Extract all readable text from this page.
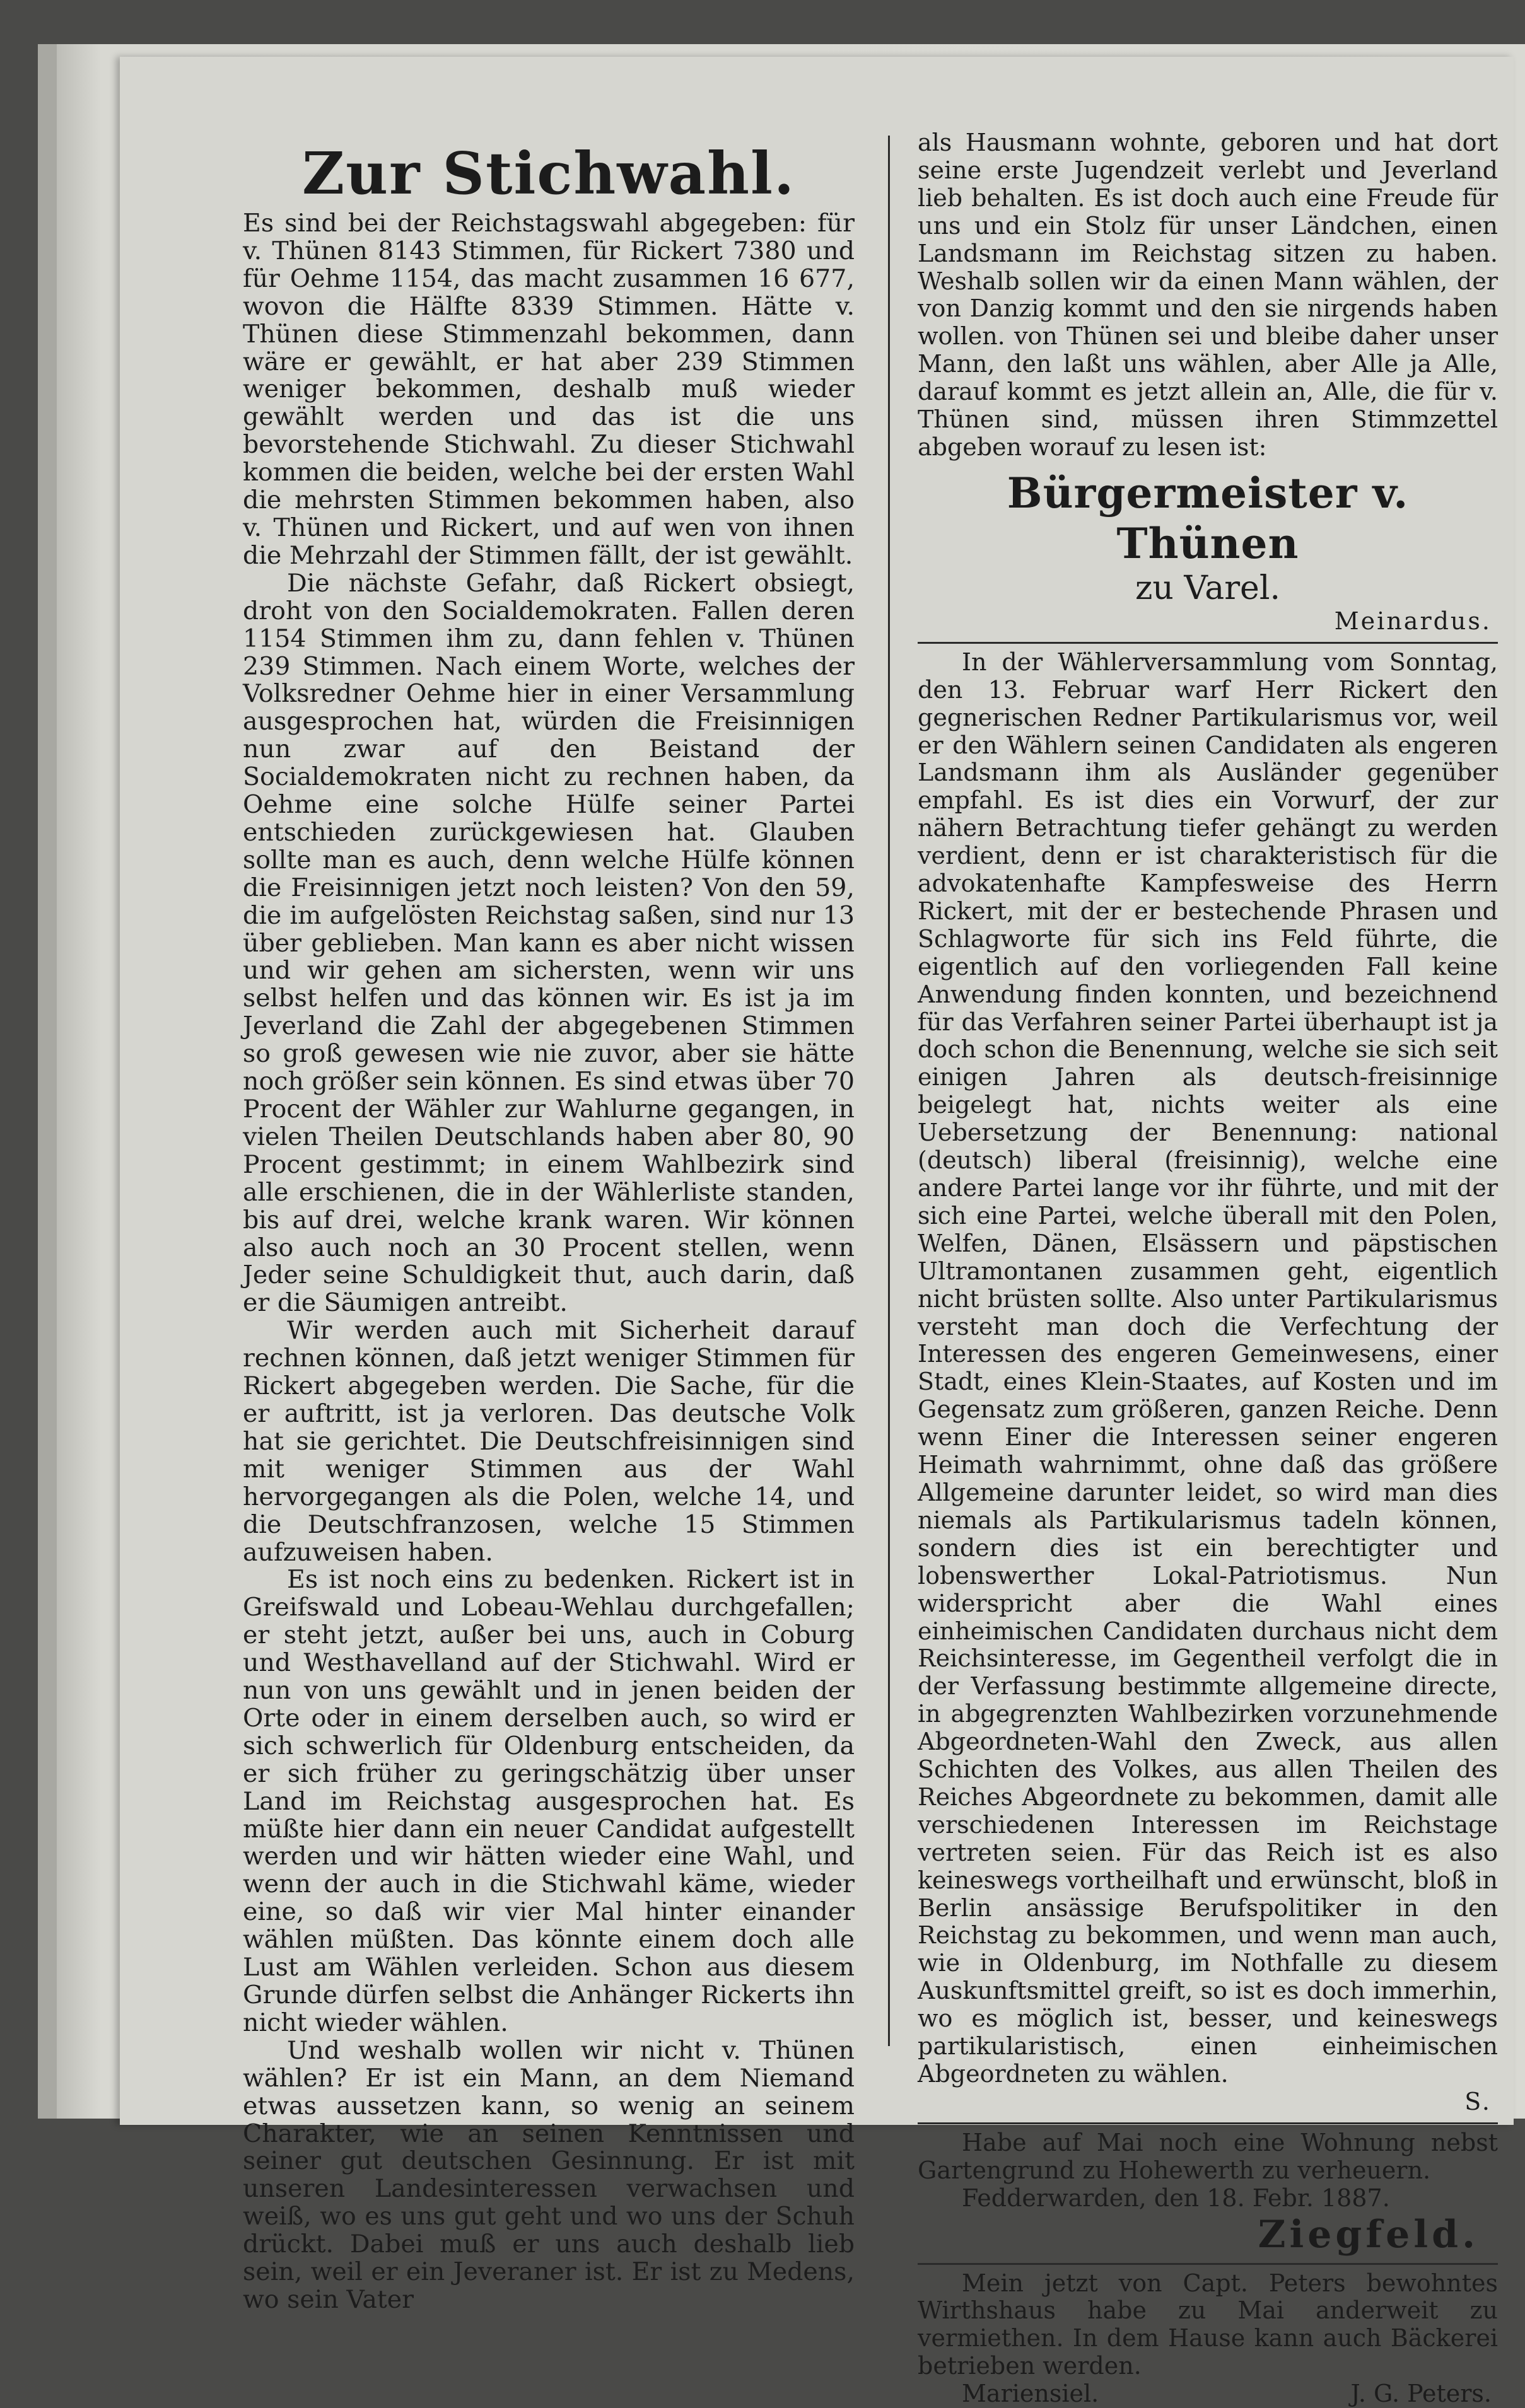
Zur Stichwahl.

Es sind bei der Reichstagswahl abgegeben: für v. Thünen 8143 Stimmen, für Rickert 7380 und für Oehme 1154, das macht zusammen 16 677, wovon die Hälfte 8339 Stimmen. Hätte v. Thünen diese Stimmenzahl bekommen, dann wäre er gewählt, er hat aber 239 Stimmen weniger bekommen, deshalb muß wieder gewählt werden und das ist die uns bevorstehende Stichwahl. Zu dieser Stichwahl kommen die beiden, welche bei der ersten Wahl die mehrsten Stimmen bekommen haben, also v. Thünen und Rickert, und auf wen von ihnen die Mehrzahl der Stimmen fällt, der ist gewählt.

Die nächste Gefahr, daß Rickert obsiegt, droht von den Socialdemokraten. Fallen deren 1154 Stimmen ihm zu, dann fehlen v. Thünen 239 Stimmen. Nach einem Worte, welches der Volksredner Oehme hier in einer Versammlung ausgesprochen hat, würden die Freisinnigen nun zwar auf den Beistand der Socialdemokraten nicht zu rechnen haben, da Oehme eine solche Hülfe seiner Partei entschieden zurückgewiesen hat. Glauben sollte man es auch, denn welche Hülfe können die Freisinnigen jetzt noch leisten? Von den 59, die im aufgelösten Reichstag saßen, sind nur 13 über geblieben. Man kann es aber nicht wissen und wir gehen am sichersten, wenn wir uns selbst helfen und das können wir. Es ist ja im Jeverland die Zahl der abgegebenen Stimmen so groß gewesen wie nie zuvor, aber sie hätte noch größer sein können. Es sind etwas über 70 Procent der Wähler zur Wahlurne gegangen, in vielen Theilen Deutschlands haben aber 80, 90 Procent gestimmt; in einem Wahlbezirk sind alle erschienen, die in der Wählerliste standen, bis auf drei, welche krank waren. Wir können also auch noch an 30 Procent stellen, wenn Jeder seine Schuldigkeit thut, auch darin, daß er die Säumigen antreibt.

Wir werden auch mit Sicherheit darauf rechnen können, daß jetzt weniger Stimmen für Rickert abgegeben werden. Die Sache, für die er auftritt, ist ja verloren. Das deutsche Volk hat sie gerichtet. Die Deutschfreisinnigen sind mit weniger Stimmen aus der Wahl hervorgegangen als die Polen, welche 14, und die Deutschfranzosen, welche 15 Stimmen aufzuweisen haben.

Es ist noch eins zu bedenken. Rickert ist in Greifswald und Lobeau-Wehlau durchgefallen; er steht jetzt, außer bei uns, auch in Coburg und Westhavelland auf der Stichwahl. Wird er nun von uns gewählt und in jenen beiden der Orte oder in einem derselben auch, so wird er sich schwerlich für Oldenburg entscheiden, da er sich früher zu geringschätzig über unser Land im Reichstag ausgesprochen hat. Es müßte hier dann ein neuer Candidat aufgestellt werden und wir hätten wieder eine Wahl, und wenn der auch in die Stichwahl käme, wieder eine, so daß wir vier Mal hinter einander wählen müßten. Das könnte einem doch alle Lust am Wählen verleiden. Schon aus diesem Grunde dürfen selbst die Anhänger Rickerts ihn nicht wieder wählen.

Und weshalb wollen wir nicht v. Thünen wählen? Er ist ein Mann, an dem Niemand etwas aussetzen kann, so wenig an seinem Charakter, wie an seinen Kenntnissen und seiner gut deutschen Gesinnung. Er ist mit unseren Landesinteressen verwachsen und weiß, wo es uns gut geht und wo uns der Schuh drückt. Dabei muß er uns auch deshalb lieb sein, weil er ein Jeveraner ist. Er ist zu Medens, wo sein Vater

als Hausmann wohnte, geboren und hat dort seine erste Jugendzeit verlebt und Jeverland lieb behalten. Es ist doch auch eine Freude für uns und ein Stolz für unser Ländchen, einen Landsmann im Reichstag sitzen zu haben. Weshalb sollen wir da einen Mann wählen, der von Danzig kommt und den sie nirgends haben wollen. von Thünen sei und bleibe daher unser Mann, den laßt uns wählen, aber Alle ja Alle, darauf kommt es jetzt allein an, Alle, die für v. Thünen sind, müssen ihren Stimmzettel abgeben worauf zu lesen ist:

Bürgermeister v. Thünen
zu Varel.
Meinardus.

In der Wählerversammlung vom Sonntag, den 13. Februar warf Herr Rickert den gegnerischen Redner Partikularismus vor, weil er den Wählern seinen Candidaten als engeren Landsmann ihm als Ausländer gegenüber empfahl. Es ist dies ein Vorwurf, der zur nähern Betrachtung tiefer gehängt zu werden verdient, denn er ist charakteristisch für die advokatenhafte Kampfesweise des Herrn Rickert, mit der er bestechende Phrasen und Schlagworte für sich ins Feld führte, die eigentlich auf den vorliegenden Fall keine Anwendung finden konnten, und bezeichnend für das Verfahren seiner Partei überhaupt ist ja doch schon die Benennung, welche sie sich seit einigen Jahren als deutsch-freisinnige beigelegt hat, nichts weiter als eine Uebersetzung der Benennung: national (deutsch) liberal (freisinnig), welche eine andere Partei lange vor ihr führte, und mit der sich eine Partei, welche überall mit den Polen, Welfen, Dänen, Elsässern und päpstischen Ultramontanen zusammen geht, eigentlich nicht brüsten sollte. Also unter Partikularismus versteht man doch die Verfechtung der Interessen des engeren Gemeinwesens, einer Stadt, eines Klein-Staates, auf Kosten und im Gegensatz zum größeren, ganzen Reiche. Denn wenn Einer die Interessen seiner engeren Heimath wahrnimmt, ohne daß das größere Allgemeine darunter leidet, so wird man dies niemals als Partikularismus tadeln können, sondern dies ist ein berechtigter und lobenswerther Lokal-Patriotismus. Nun widerspricht aber die Wahl eines einheimischen Candidaten durchaus nicht dem Reichsinteresse, im Gegentheil verfolgt die in der Verfassung bestimmte allgemeine directe, in abgegrenzten Wahlbezirken vorzunehmende Abgeordneten-Wahl den Zweck, aus allen Schichten des Volkes, aus allen Theilen des Reiches Abgeordnete zu bekommen, damit alle verschiedenen Interessen im Reichstage vertreten seien. Für das Reich ist es also keineswegs vortheilhaft und erwünscht, bloß in Berlin ansässige Berufspolitiker in den Reichstag zu bekommen, und wenn man auch, wie in Oldenburg, im Nothfalle zu diesem Auskunftsmittel greift, so ist es doch immerhin, wo es möglich ist, besser, und keineswegs partikularistisch, einen einheimischen Abgeordneten zu wählen.

S.

Habe auf Mai noch eine Wohnung nebst Gartengrund zu Hohewerth zu verheuern.

Fedderwarden, den 18. Febr. 1887.
Ziegfeld.

Mein jetzt von Capt. Peters bewohntes Wirthshaus habe zu Mai anderweit zu vermiethen. In dem Hause kann auch Bäckerei betrieben werden.

Mariensiel.	J. G. Peters.
